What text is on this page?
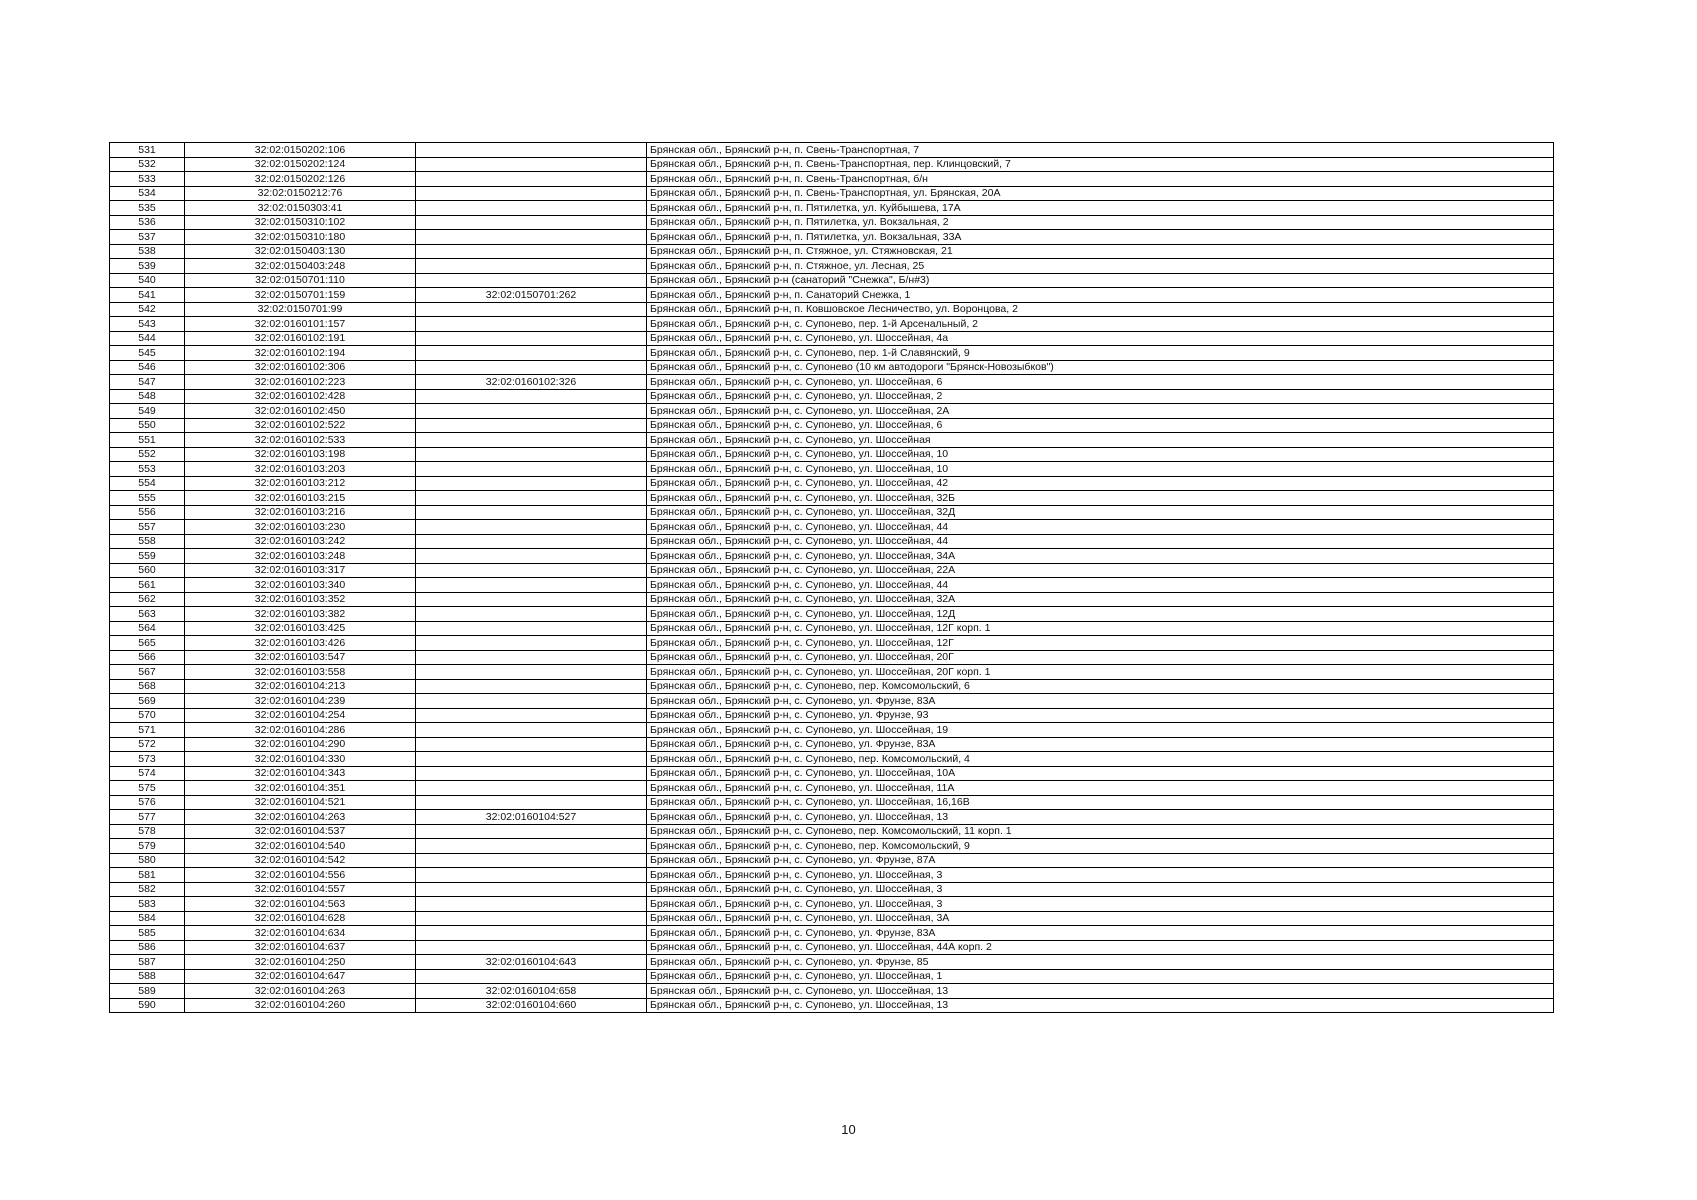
531	32:02:0150202:106		Брянская обл., Брянский р-н, п. Свень-Транспортная, 7
532	32:02:0150202:124		Брянская обл., Брянский р-н, п. Свень-Транспортная, пер. Клинцовский, 7
533	32:02:0150202:126		Брянская обл., Брянский р-н, п. Свень-Транспортная, б/н
534	32:02:0150212:76		Брянская обл., Брянский р-н, п. Свень-Транспортная, ул. Брянская, 20А
535	32:02:0150303:41		Брянская обл., Брянский р-н, п. Пятилетка, ул. Куйбышева, 17А
536	32:02:0150310:102		Брянская обл., Брянский р-н, п. Пятилетка, ул. Вокзальная, 2
537	32:02:0150310:180		Брянская обл., Брянский р-н, п. Пятилетка, ул. Вокзальная, 33А
538	32:02:0150403:130		Брянская обл., Брянский р-н, п. Стяжное, ул. Стяжновская, 21
539	32:02:0150403:248		Брянская обл., Брянский р-н, п. Стяжное, ул. Лесная, 25
540	32:02:0150701:110		Брянская обл., Брянский р-н (санаторий "Снежка", Б/н#3)
541	32:02:0150701:159	32:02:0150701:262	Брянская обл., Брянский р-н, п. Санаторий Снежка, 1
542	32:02:0150701:99		Брянская обл., Брянский р-н, п. Ковшовское Лесничество, ул. Воронцова, 2
543	32:02:0160101:157		Брянская обл., Брянский р-н, с. Супонево, пер. 1-й Арсенальный, 2
544	32:02:0160102:191		Брянская обл., Брянский р-н, с. Супонево, ул. Шоссейная, 4а
545	32:02:0160102:194		Брянская обл., Брянский р-н, с. Супонево, пер. 1-й Славянский, 9
546	32:02:0160102:306		Брянская обл., Брянский р-н, с. Супонево (10 км автодороги "Брянск-Новозыбков")
547	32:02:0160102:223	32:02:0160102:326	Брянская обл., Брянский р-н, с. Супонево, ул. Шоссейная, 6
548	32:02:0160102:428		Брянская обл., Брянский р-н, с. Супонево, ул. Шоссейная, 2
549	32:02:0160102:450		Брянская обл., Брянский р-н, с. Супонево, ул. Шоссейная, 2А
550	32:02:0160102:522		Брянская обл., Брянский р-н, с. Супонево, ул. Шоссейная, 6
551	32:02:0160102:533		Брянская обл., Брянский р-н, с. Супонево, ул. Шоссейная
552	32:02:0160103:198		Брянская обл., Брянский р-н, с. Супонево, ул. Шоссейная, 10
553	32:02:0160103:203		Брянская обл., Брянский р-н, с. Супонево, ул. Шоссейная, 10
554	32:02:0160103:212		Брянская обл., Брянский р-н, с. Супонево, ул. Шоссейная, 42
555	32:02:0160103:215		Брянская обл., Брянский р-н, с. Супонево, ул. Шоссейная, 32Б
556	32:02:0160103:216		Брянская обл., Брянский р-н, с. Супонево, ул. Шоссейная, 32Д
557	32:02:0160103:230		Брянская обл., Брянский р-н, с. Супонево, ул. Шоссейная, 44
558	32:02:0160103:242		Брянская обл., Брянский р-н, с. Супонево, ул. Шоссейная, 44
559	32:02:0160103:248		Брянская обл., Брянский р-н, с. Супонево, ул. Шоссейная, 34А
560	32:02:0160103:317		Брянская обл., Брянский р-н, с. Супонево, ул. Шоссейная, 22А
561	32:02:0160103:340		Брянская обл., Брянский р-н, с. Супонево, ул. Шоссейная, 44
562	32:02:0160103:352		Брянская обл., Брянский р-н, с. Супонево, ул. Шоссейная, 32А
563	32:02:0160103:382		Брянская обл., Брянский р-н, с. Супонево, ул. Шоссейная, 12Д
564	32:02:0160103:425		Брянская обл., Брянский р-н, с. Супонево, ул. Шоссейная, 12Г корп. 1
565	32:02:0160103:426		Брянская обл., Брянский р-н, с. Супонево, ул. Шоссейная, 12Г
566	32:02:0160103:547		Брянская обл., Брянский р-н, с. Супонево, ул. Шоссейная, 20Г
567	32:02:0160103:558		Брянская обл., Брянский р-н, с. Супонево, ул. Шоссейная, 20Г корп. 1
568	32:02:0160104:213		Брянская обл., Брянский р-н, с. Супонево, пер. Комсомольский, 6
569	32:02:0160104:239		Брянская обл., Брянский р-н, с. Супонево, ул. Фрунзе, 83А
570	32:02:0160104:254		Брянская обл., Брянский р-н, с. Супонево, ул. Фрунзе, 93
571	32:02:0160104:286		Брянская обл., Брянский р-н, с. Супонево, ул. Шоссейная, 19
572	32:02:0160104:290		Брянская обл., Брянский р-н, с. Супонево, ул. Фрунзе, 83А
573	32:02:0160104:330		Брянская обл., Брянский р-н, с. Супонево, пер. Комсомольский, 4
574	32:02:0160104:343		Брянская обл., Брянский р-н, с. Супонево, ул. Шоссейная, 10А
575	32:02:0160104:351		Брянская обл., Брянский р-н, с. Супонево, ул. Шоссейная, 11А
576	32:02:0160104:521		Брянская обл., Брянский р-н, с. Супонево, ул. Шоссейная, 16,16В
577	32:02:0160104:263	32:02:0160104:527	Брянская обл., Брянский р-н, с. Супонево, ул. Шоссейная, 13
578	32:02:0160104:537		Брянская обл., Брянский р-н, с. Супонево, пер. Комсомольский, 11 корп. 1
579	32:02:0160104:540		Брянская обл., Брянский р-н, с. Супонево, пер. Комсомольский, 9
580	32:02:0160104:542		Брянская обл., Брянский р-н, с. Супонево, ул. Фрунзе, 87А
581	32:02:0160104:556		Брянская обл., Брянский р-н, с. Супонево, ул. Шоссейная, 3
582	32:02:0160104:557		Брянская обл., Брянский р-н, с. Супонево, ул. Шоссейная, 3
583	32:02:0160104:563		Брянская обл., Брянский р-н, с. Супонево, ул. Шоссейная, 3
584	32:02:0160104:628		Брянская обл., Брянский р-н, с. Супонево, ул. Шоссейная, 3А
585	32:02:0160104:634		Брянская обл., Брянский р-н, с. Супонево, ул. Фрунзе, 83А
586	32:02:0160104:637		Брянская обл., Брянский р-н, с. Супонево, ул. Шоссейная, 44А корп. 2
587	32:02:0160104:250	32:02:0160104:643	Брянская обл., Брянский р-н, с. Супонево, ул. Фрунзе, 85
588	32:02:0160104:647		Брянская обл., Брянский р-н, с. Супонево, ул. Шоссейная, 1
589	32:02:0160104:263	32:02:0160104:658	Брянская обл., Брянский р-н, с. Супонево, ул. Шоссейная, 13
590	32:02:0160104:260	32:02:0160104:660	Брянская обл., Брянский р-н, с. Супонево, ул. Шоссейная, 13
10
